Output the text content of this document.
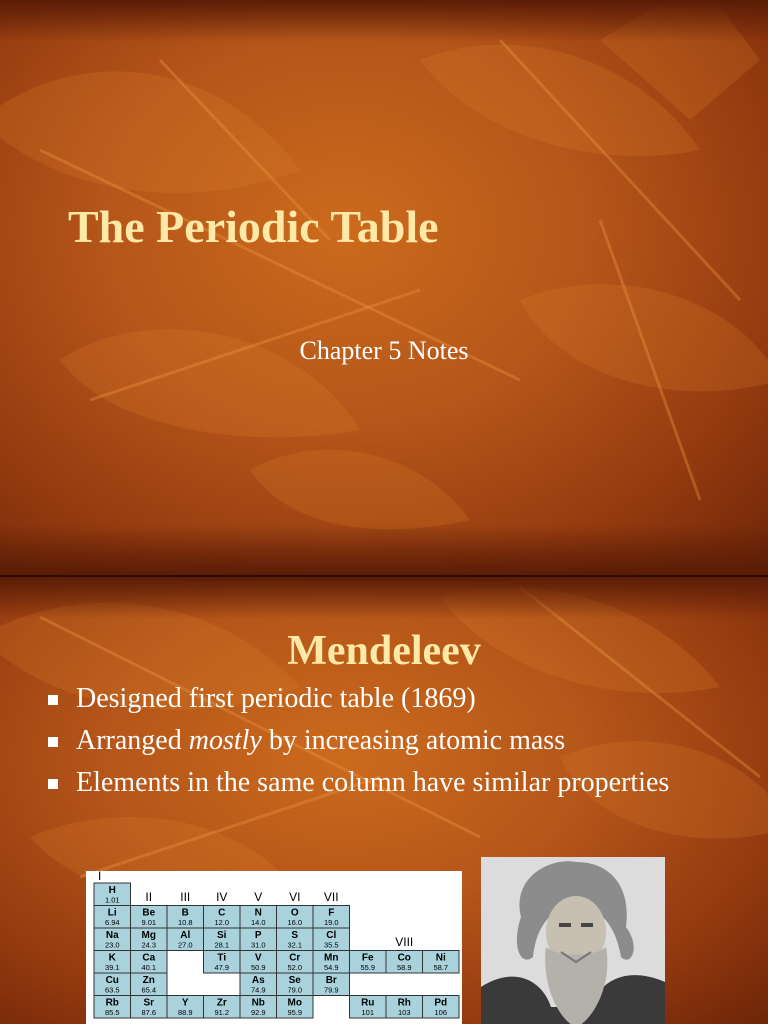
The Periodic Table
Chapter 5 Notes
Mendeleev
Designed first periodic table (1869)
Arranged mostly by increasing atomic mass
Elements in the same column have similar properties
I
II III IV V VI VII
VIII
H
1.01
Li
6.94
Be
9.01
B
10.8
C
12.0
N
14.0
O
16.0
F
19.0
Na
23.0
Mg
24.3
Al
27.0
Si
28.1
P
31.0
S
32.1
Cl
35.5
K
39.1
Ca
40.1
Ti
47.9
V
50.9
Cr
52.0
Mn
54.9
Fe
55.9
Co
58.9
Ni
58.7
Cu
63.5
Zn
65.4
As
74.9
Se
79.0
Br
79.9
Rb
85.5
Sr
87.6
Y
88.9
Zr
91.2
Nb
92.9
Mo
95.9
Ru
101
Rh
103
Pd
106
